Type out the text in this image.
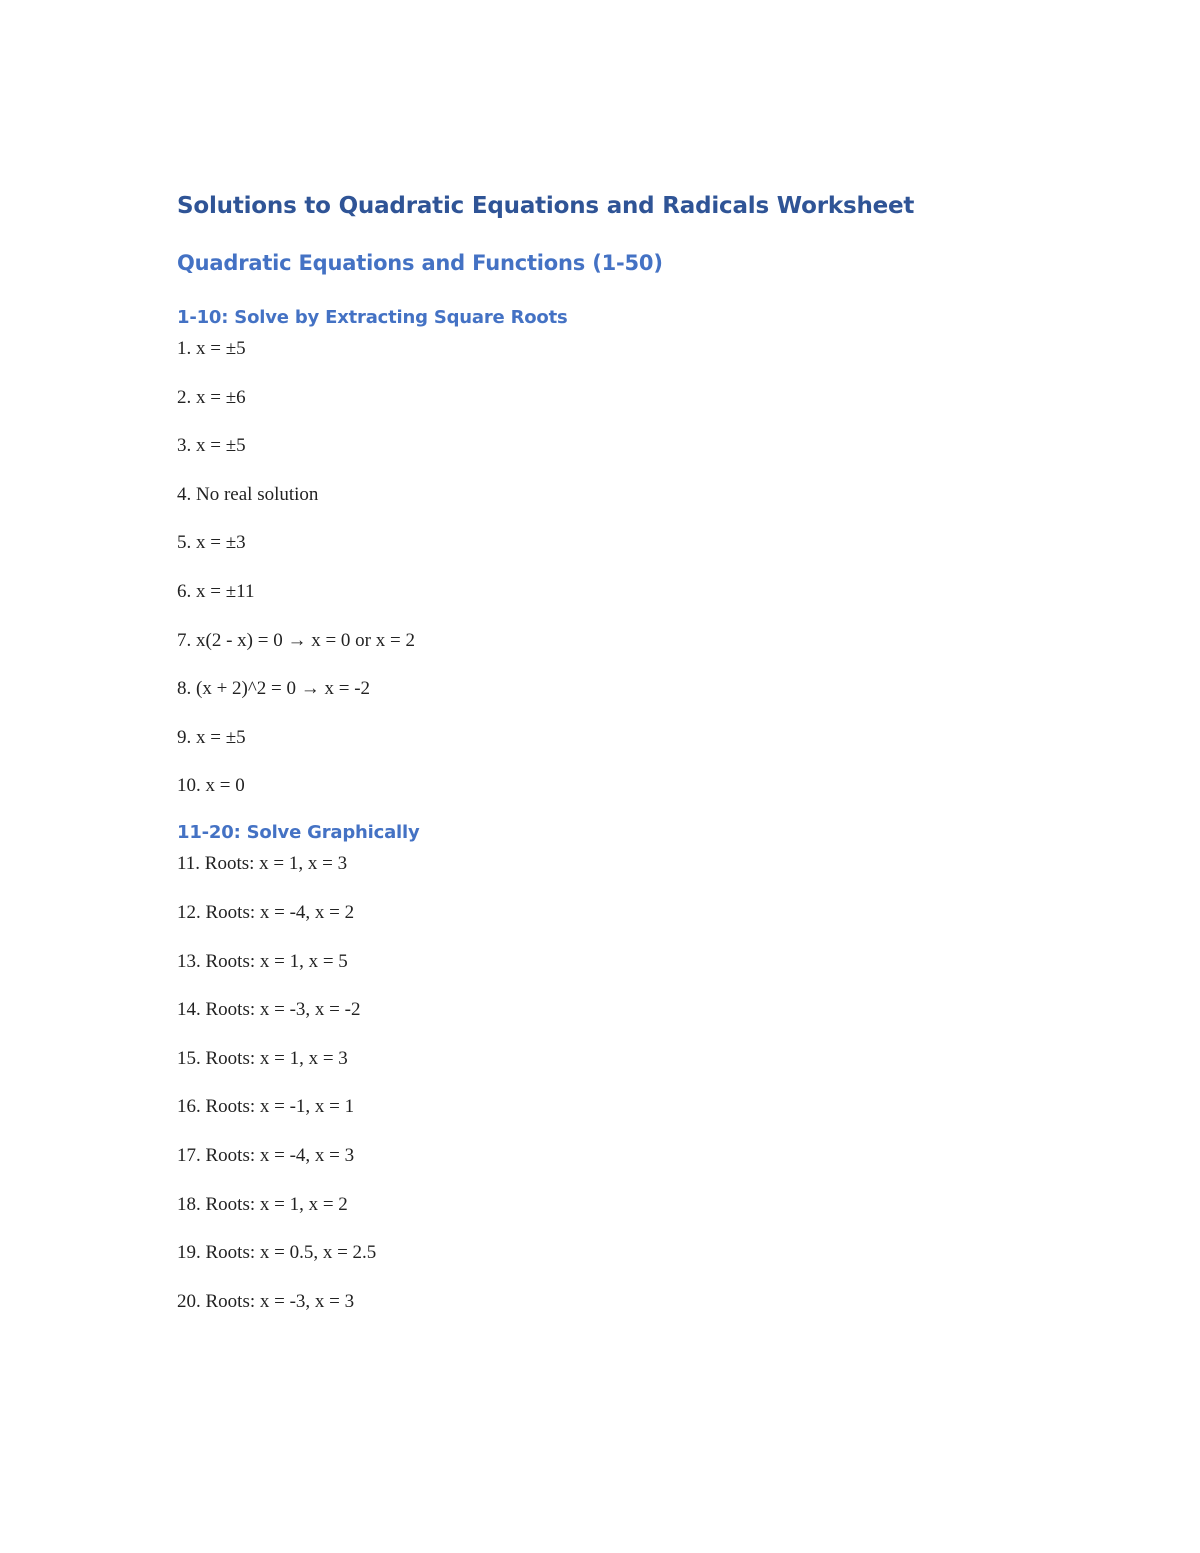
Solutions to Quadratic Equations and Radicals Worksheet
Quadratic Equations and Functions (1-50)
1-10: Solve by Extracting Square Roots
1. x = ±5
2. x = ±6
3. x = ±5
4. No real solution
5. x = ±3
6. x = ±11
7. x(2 - x) = 0 → x = 0 or x = 2
8. (x + 2)^2 = 0 → x = -2
9. x = ±5
10. x = 0
11-20: Solve Graphically
11. Roots: x = 1, x = 3
12. Roots: x = -4, x = 2
13. Roots: x = 1, x = 5
14. Roots: x = -3, x = -2
15. Roots: x = 1, x = 3
16. Roots: x = -1, x = 1
17. Roots: x = -4, x = 3
18. Roots: x = 1, x = 2
19. Roots: x = 0.5, x = 2.5
20. Roots: x = -3, x = 3
